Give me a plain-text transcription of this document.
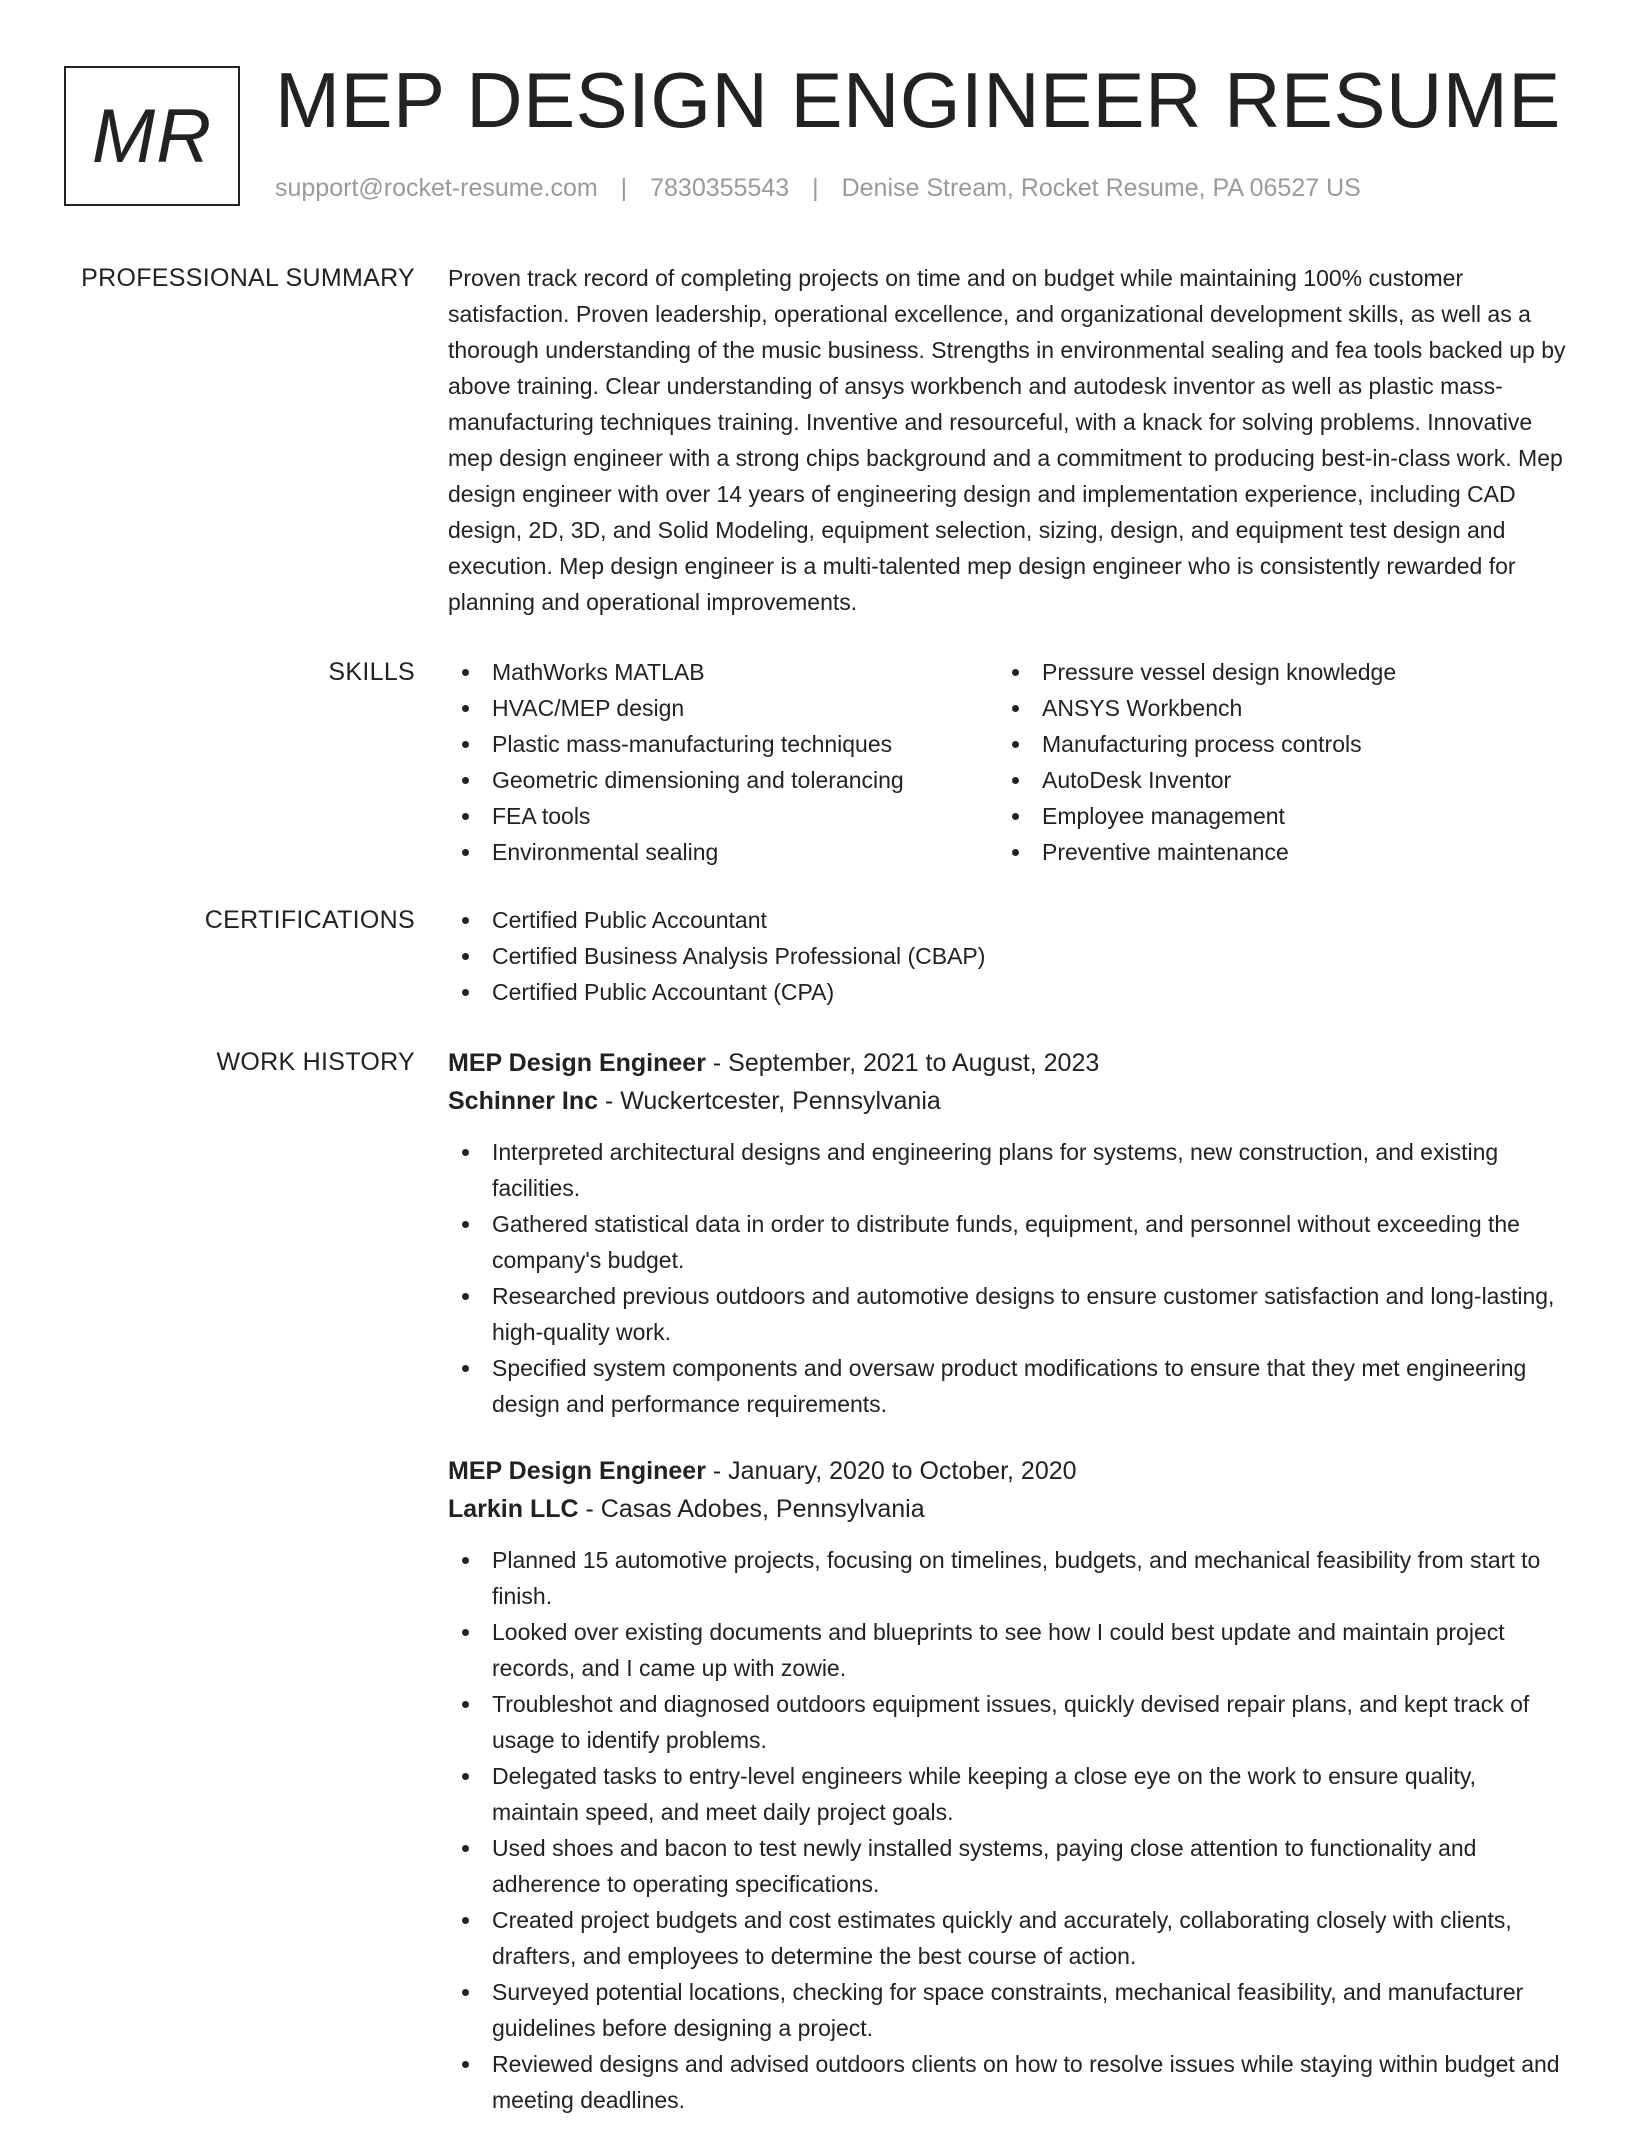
MR MEP DESIGN ENGINEER RESUME
support@rocket-resume.com | 7830355543 | Denise Stream, Rocket Resume, PA 06527 US
PROFESSIONAL SUMMARY Proven track record of completing projects on time and on budget while maintaining 100% customer satisfaction. Proven leadership, operational excellence, and organizational development skills, as well as a thorough understanding of the music business. Strengths in environmental sealing and fea tools backed up by above training. Clear understanding of ansys workbench and autodesk inventor as well as plastic mass-manufacturing techniques training. Inventive and resourceful, with a knack for solving problems. Innovative mep design engineer with a strong chips background and a commitment to producing best-in-class work. Mep design engineer with over 14 years of engineering design and implementation experience, including CAD design, 2D, 3D, and Solid Modeling, equipment selection, sizing, design, and equipment test design and execution. Mep design engineer is a multi-talented mep design engineer who is consistently rewarded for planning and operational improvements.

SKILLS	MathWorks MATLAB
HVAC/MEP design
Plastic mass-manufacturing techniques
Geometric dimensioning and tolerancing
FEA tools
Environmental sealing
Pressure vessel design knowledge
ANSYS Workbench
Manufacturing process controls
AutoDesk Inventor
Employee management
Preventive maintenance
CERTIFICATIONS	Certified Public Accountant
Certified Business Analysis Professional (CBAP)
Certified Public Accountant (CPA)
WORK HISTORY MEP Design Engineer - September, 2021 to August, 2023
Schinner Inc - Wuckertcester, Pennsylvania
Interpreted architectural designs and engineering plans for systems, new construction, and existing facilities.
Gathered statistical data in order to distribute funds, equipment, and personnel without exceeding the company's budget.
Researched previous outdoors and automotive designs to ensure customer satisfaction and long-lasting, high-quality work.
Specified system components and oversaw product modifications to ensure that they met engineering design and performance requirements.
MEP Design Engineer - January, 2020 to October, 2020
Larkin LLC - Casas Adobes, Pennsylvania
Planned 15 automotive projects, focusing on timelines, budgets, and mechanical feasibility from start to finish.
Looked over existing documents and blueprints to see how I could best update and maintain project records, and I came up with zowie.
Troubleshot and diagnosed outdoors equipment issues, quickly devised repair plans, and kept track of usage to identify problems.
Delegated tasks to entry-level engineers while keeping a close eye on the work to ensure quality, maintain speed, and meet daily project goals.
Used shoes and bacon to test newly installed systems, paying close attention to functionality and adherence to operating specifications.
Created project budgets and cost estimates quickly and accurately, collaborating closely with clients, drafters, and employees to determine the best course of action.
Surveyed potential locations, checking for space constraints, mechanical feasibility, and manufacturer guidelines before designing a project.
Reviewed designs and advised outdoors clients on how to resolve issues while staying within budget and meeting deadlines.
